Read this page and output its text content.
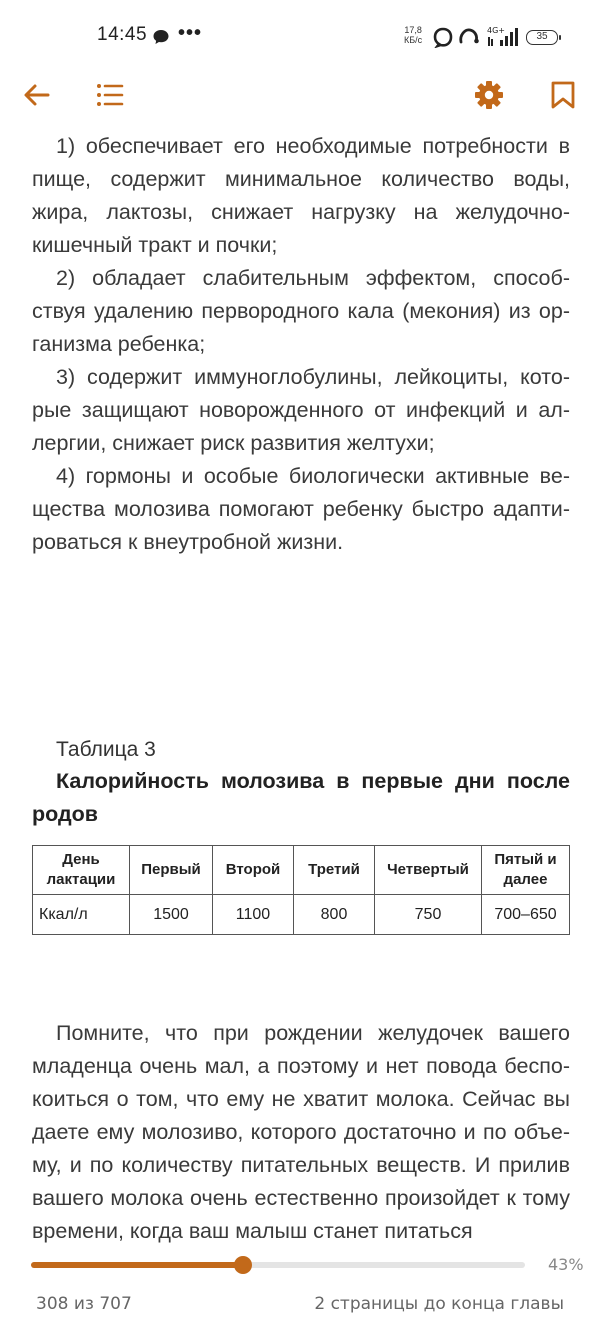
14:45 •••	17,8
КБ/с
4G+
35

1) обеспечивает его необходимые потребности в пище, содержит минимальное количество воды, жира, лактозы, снижает нагрузку на желудочно-кишечный тракт и почки;

2) обладает слабительным эффектом, способствуя удалению первородного кала (мекония) из организма ребенка;

3) содержит иммуноглобулины, лейкоциты, которые защищают новорожденного от инфекций и аллергии, снижает риск развития желтухи;

4) гормоны и особые биологически активные вещества молозива помогают ребенку быстро адаптироваться к внеутробной жизни.

Таблица 3

Калорийность молозива в первые дни после родов

День лактации	Первый	Второй	Третий	Четвертый	Пятый и далее
Ккал/л	1500	1100	800	750	700–650

Помните, что при рождении желудочек вашего младенца очень мал, а поэтому и нет повода беспокоиться о том, что ему не хватит молока. Сейчас вы даете ему молозиво, которого достаточно и по объему, и по количеству питательных веществ. И прилив вашего молока очень естественно произойдет к тому времени, когда ваш малыш станет питаться

43%
308 из 707	2 страницы до конца главы
